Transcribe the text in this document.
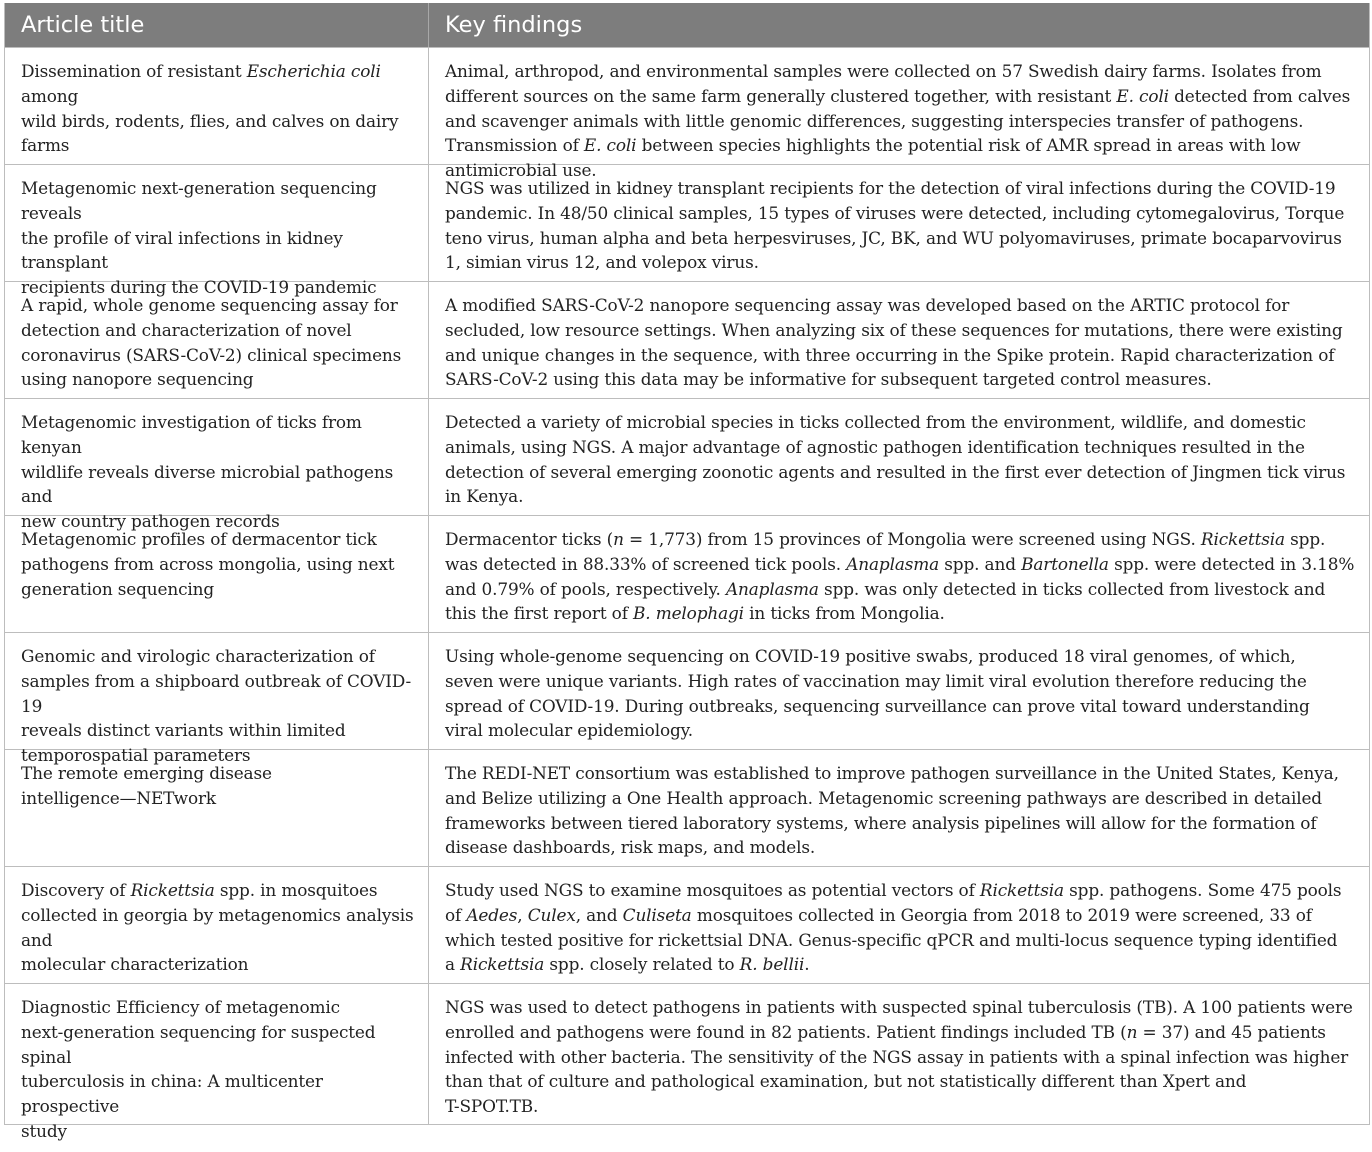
Article title	Key findings
Dissemination of resistant Escherichia coli among
wild birds, rodents, flies, and calves on dairy farms
Animal, arthropod, and environmental samples were collected on 57 Swedish dairy farms. Isolates from
different sources on the same farm generally clustered together, with resistant E. coli detected from calves
and scavenger animals with little genomic differences, suggesting interspecies transfer of pathogens.
Transmission of E. coli between species highlights the potential risk of AMR spread in areas with low
antimicrobial use.
Metagenomic next-generation sequencing reveals
the profile of viral infections in kidney transplant
recipients during the COVID-19 pandemic
NGS was utilized in kidney transplant recipients for the detection of viral infections during the COVID-19
pandemic. In 48/50 clinical samples, 15 types of viruses were detected, including cytomegalovirus, Torque
teno virus, human alpha and beta herpesviruses, JC, BK, and WU polyomaviruses, primate bocaparvovirus
1, simian virus 12, and volepox virus.
A rapid, whole genome sequencing assay for
detection and characterization of novel
coronavirus (SARS-CoV-2) clinical specimens
using nanopore sequencing
A modified SARS-CoV-2 nanopore sequencing assay was developed based on the ARTIC protocol for
secluded, low resource settings. When analyzing six of these sequences for mutations, there were existing
and unique changes in the sequence, with three occurring in the Spike protein. Rapid characterization of
SARS-CoV-2 using this data may be informative for subsequent targeted control measures.
Metagenomic investigation of ticks from kenyan
wildlife reveals diverse microbial pathogens and
new country pathogen records
Detected a variety of microbial species in ticks collected from the environment, wildlife, and domestic
animals, using NGS. A major advantage of agnostic pathogen identification techniques resulted in the
detection of several emerging zoonotic agents and resulted in the first ever detection of Jingmen tick virus
in Kenya.
Metagenomic profiles of dermacentor tick
pathogens from across mongolia, using next
generation sequencing
Dermacentor ticks (n = 1,773) from 15 provinces of Mongolia were screened using NGS. Rickettsia spp.
was detected in 88.33% of screened tick pools. Anaplasma spp. and Bartonella spp. were detected in 3.18%
and 0.79% of pools, respectively. Anaplasma spp. was only detected in ticks collected from livestock and
this the first report of B. melophagi in ticks from Mongolia.
Genomic and virologic characterization of
samples from a shipboard outbreak of COVID-19
reveals distinct variants within limited
temporospatial parameters
Using whole-genome sequencing on COVID-19 positive swabs, produced 18 viral genomes, of which,
seven were unique variants. High rates of vaccination may limit viral evolution therefore reducing the
spread of COVID-19. During outbreaks, sequencing surveillance can prove vital toward understanding
viral molecular epidemiology.
The remote emerging disease
intelligence—NETwork
The REDI-NET consortium was established to improve pathogen surveillance in the United States, Kenya,
and Belize utilizing a One Health approach. Metagenomic screening pathways are described in detailed
frameworks between tiered laboratory systems, where analysis pipelines will allow for the formation of
disease dashboards, risk maps, and models.
Discovery of Rickettsia spp. in mosquitoes
collected in georgia by metagenomics analysis and
molecular characterization
Study used NGS to examine mosquitoes as potential vectors of Rickettsia spp. pathogens. Some 475 pools
of Aedes, Culex, and Culiseta mosquitoes collected in Georgia from 2018 to 2019 were screened, 33 of
which tested positive for rickettsial DNA. Genus-specific qPCR and multi-locus sequence typing identified
a Rickettsia spp. closely related to R. bellii.
Diagnostic Efficiency of metagenomic
next-generation sequencing for suspected spinal
tuberculosis in china: A multicenter prospective
study
NGS was used to detect pathogens in patients with suspected spinal tuberculosis (TB). A 100 patients were
enrolled and pathogens were found in 82 patients. Patient findings included TB (n = 37) and 45 patients
infected with other bacteria. The sensitivity of the NGS assay in patients with a spinal infection was higher
than that of culture and pathological examination, but not statistically different than Xpert and
T-SPOT.TB.
